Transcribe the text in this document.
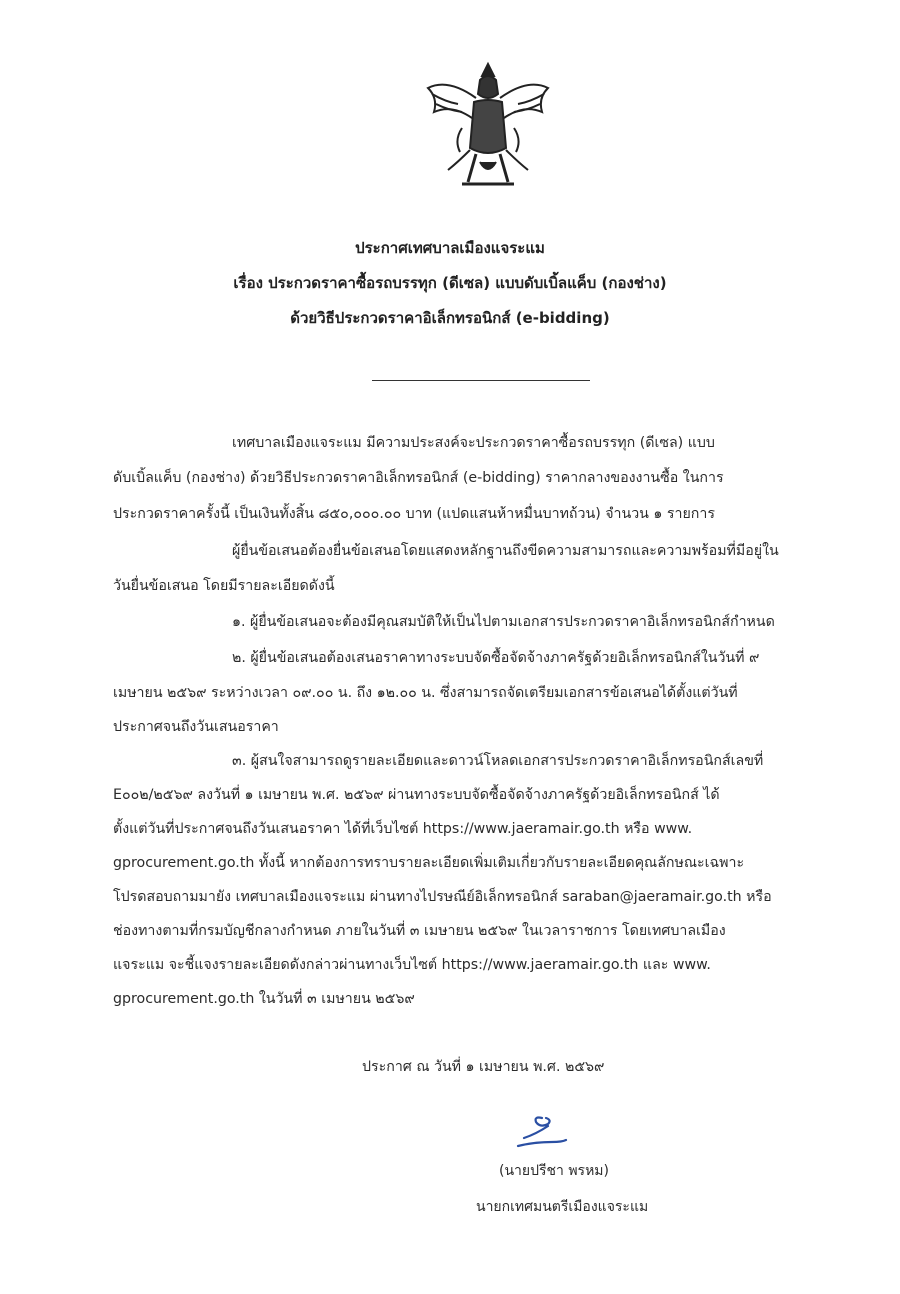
ประกาศเทศบาลเมืองแจระแม
เรื่อง ประกวดราคาซื้อรถบรรทุก (ดีเซล) แบบดับเบิ้ลแค็บ (กองช่าง)
ด้วยวิธีประกวดราคาอิเล็กทรอนิกส์ (e-bidding)
เทศบาลเมืองแจระแม มีความประสงค์จะประกวดราคาซื้อรถบรรทุก (ดีเซล) แบบ
ดับเบิ้ลแค็บ (กองช่าง) ด้วยวิธีประกวดราคาอิเล็กทรอนิกส์ (e-bidding) ราคากลางของงานซื้อ ในการ
ประกวดราคาครั้งนี้ เป็นเงินทั้งสิ้น ๘๕๐,๐๐๐.๐๐ บาท (แปดแสนห้าหมื่นบาทถ้วน) จำนวน ๑ รายการ
ผู้ยื่นข้อเสนอต้องยื่นข้อเสนอโดยแสดงหลักฐานถึงขีดความสามารถและความพร้อมที่มีอยู่ใน
วันยื่นข้อเสนอ โดยมีรายละเอียดดังนี้
๑. ผู้ยื่นข้อเสนอจะต้องมีคุณสมบัติให้เป็นไปตามเอกสารประกวดราคาอิเล็กทรอนิกส์กำหนด
๒. ผู้ยื่นข้อเสนอต้องเสนอราคาทางระบบจัดซื้อจัดจ้างภาครัฐด้วยอิเล็กทรอนิกส์ในวันที่ ๙
เมษายน ๒๕๖๙ ระหว่างเวลา ๐๙.๐๐ น. ถึง ๑๒.๐๐ น. ซึ่งสามารถจัดเตรียมเอกสารข้อเสนอได้ตั้งแต่วันที่
ประกาศจนถึงวันเสนอราคา
๓. ผู้สนใจสามารถดูรายละเอียดและดาวน์โหลดเอกสารประกวดราคาอิเล็กทรอนิกส์เลขที่
E๐๐๒/๒๕๖๙ ลงวันที่ ๑ เมษายน พ.ศ. ๒๕๖๙ ผ่านทางระบบจัดซื้อจัดจ้างภาครัฐด้วยอิเล็กทรอนิกส์ ได้
ตั้งแต่วันที่ประกาศจนถึงวันเสนอราคา ได้ที่เว็บไซต์ https://www.jaeramair.go.th หรือ www.
gprocurement.go.th ทั้งนี้ หากต้องการทราบรายละเอียดเพิ่มเติมเกี่ยวกับรายละเอียดคุณลักษณะเฉพาะ
โปรดสอบถามมายัง เทศบาลเมืองแจระแม ผ่านทางไปรษณีย์อิเล็กทรอนิกส์ saraban@jaeramair.go.th หรือ
ช่องทางตามที่กรมบัญชีกลางกำหนด ภายในวันที่ ๓ เมษายน ๒๕๖๙ ในเวลาราชการ โดยเทศบาลเมือง
แจระแม จะชี้แจงรายละเอียดดังกล่าวผ่านทางเว็บไซต์ https://www.jaeramair.go.th และ www.
gprocurement.go.th ในวันที่ ๓ เมษายน ๒๕๖๙
ประกาศ ณ วันที่ ๑ เมษายน พ.ศ. ๒๕๖๙
(นายปรีชา พรหม)
นายกเทศมนตรีเมืองแจระแม
